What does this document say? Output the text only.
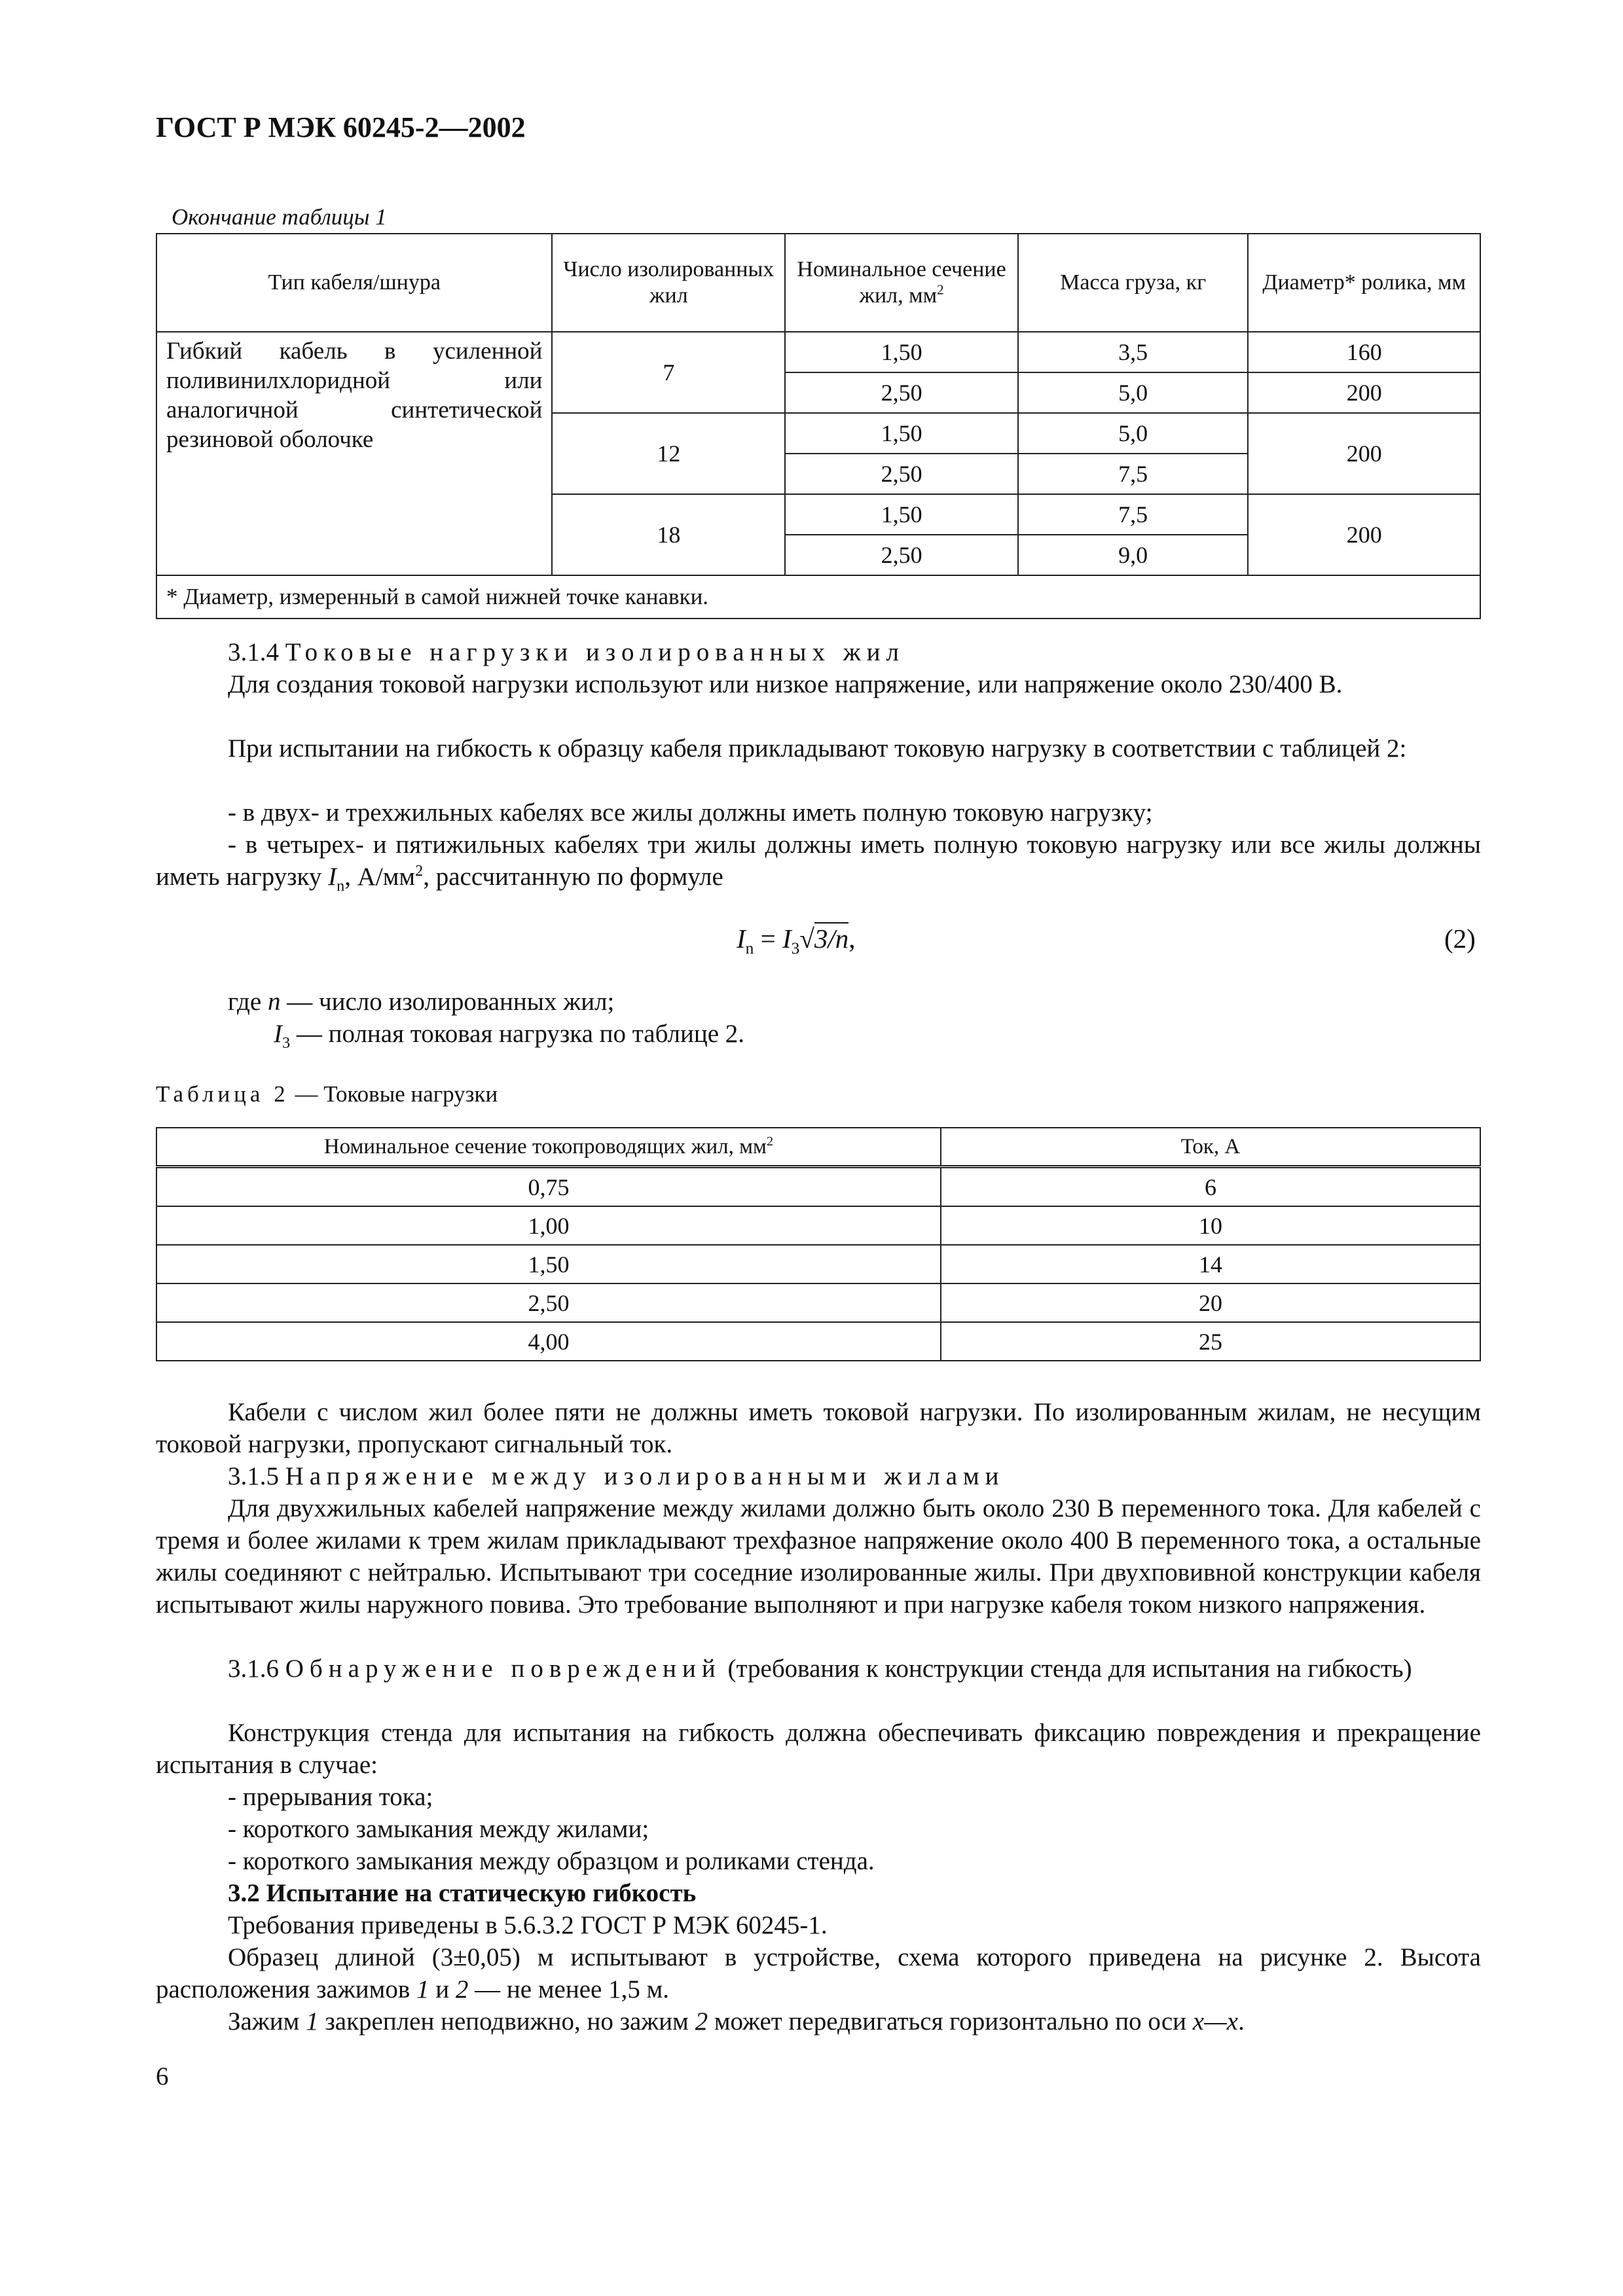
ГОСТ Р МЭК 60245-2—2002
Окончание таблицы 1
Тип кабеля/шнура	Число изолированных жил	Номинальное сечение жил, $мм^2$	Масса груза, кг	Диаметр* ролика, мм
Гибкий кабель в усиленной поливинилхлоридной или аналогичной синтетической резиновой оболочке	7	1,50	3,5	160
		2,50	5,0	200
	12	1,50	5,0	200
		2,50	7,5	
	18	1,50	7,5	200
		2,50	9,0	
* Диаметр, измеренный в самой нижней точке канавки.				
3.1.4 Токовые нагрузки изолированных жил
Для создания токовой нагрузки используют или низкое напряжение, или напряжение около 230/400 В.
При испытании на гибкость к образцу кабеля прикладывают токовую нагрузку в соответствии с таблицей 2:
- в двух- и трехжильных кабелях все жилы должны иметь полную токовую нагрузку;
- в четырех- и пятижильных кабелях три жилы должны иметь полную токовую нагрузку или все жилы должны иметь нагрузку $I_n$, $А/мм^2$, рассчитанную по формуле
$I_n = I_3√3/n$,	(2)
где n — число изолированных жил;
$I_3$ — полная токовая нагрузка по таблице 2.
Таблица 2 — Токовые нагрузки
Номинальное сечение токопроводящих жил, $мм^2$	Ток, А
0,75	6
1,00	10
1,50	14
2,50	20
4,00	25
Кабели с числом жил более пяти не должны иметь токовой нагрузки. По изолированным жилам, не несущим токовой нагрузки, пропускают сигнальный ток.
3.1.5 Напряжение между изолированными жилами
Для двухжильных кабелей напряжение между жилами должно быть около 230 В переменного тока. Для кабелей с тремя и более жилами к трем жилам прикладывают трехфазное напряжение около 400 В переменного тока, а остальные жилы соединяют с нейтралью. Испытывают три соседние изолированные жилы. При двухповивной конструкции кабеля испытывают жилы наружного повива. Это требование выполняют и при нагрузке кабеля током низкого напряжения.
3.1.6 Обнаружение повреждений (требования к конструкции стенда для испытания на гибкость)
Конструкция стенда для испытания на гибкость должна обеспечивать фиксацию повреждения и прекращение испытания в случае:
- прерывания тока;
- короткого замыкания между жилами;
- короткого замыкания между образцом и роликами стенда.
3.2 Испытание на статическую гибкость
Требования приведены в 5.6.3.2 ГОСТ Р МЭК 60245-1.
Образец длиной (3±0,05) м испытывают в устройстве, схема которого приведена на рисунке 2. Высота расположения зажимов 1 и 2 — не менее 1,5 м.
Зажим 1 закреплен неподвижно, но зажим 2 может передвигаться горизонтально по оси x—x.
6
